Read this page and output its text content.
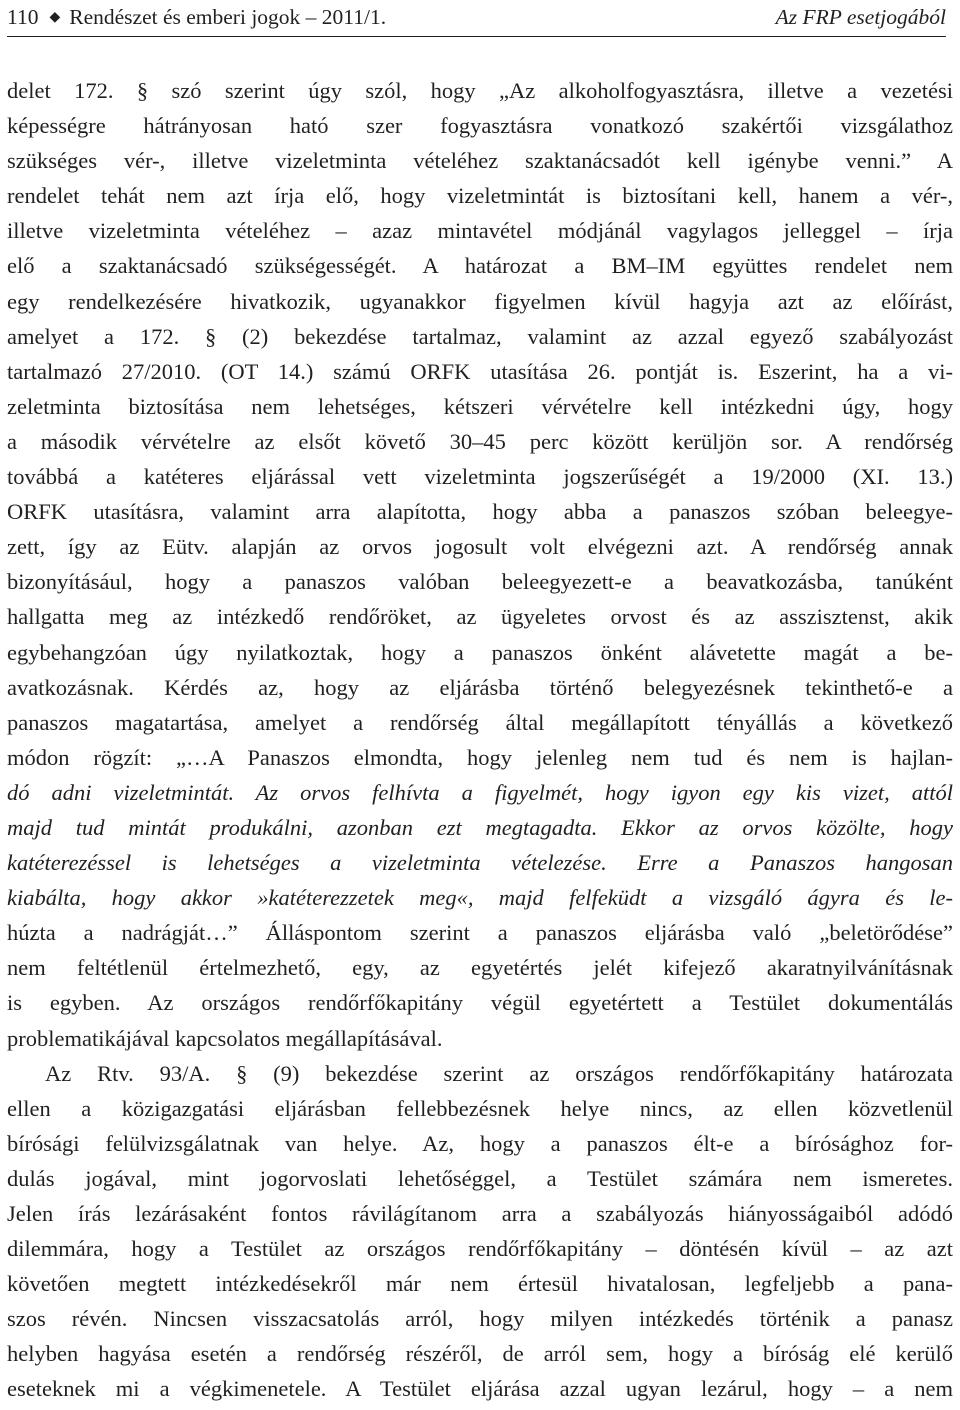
110 ◆ Rendészet és emberi jogok – 2011/1.	Az FRP esetjogából
delet 172. § szó szerint úgy szól, hogy „Az alkoholfogyasztásra, illetve a vezetési
képességre hátrányosan ható szer fogyasztásra vonatkozó szakértői vizsgálathoz
szükséges vér-, illetve vizeletminta vételéhez szaktanácsadót kell igénybe venni.” A
rendelet tehát nem azt írja elő, hogy vizeletmintát is biztosítani kell, hanem a vér-,
illetve vizeletminta vételéhez – azaz mintavétel módjánál vagylagos jelleggel – írja
elő a szaktanácsadó szükségességét. A határozat a BM–IM együttes rendelet nem
egy rendelkezésére hivatkozik, ugyanakkor figyelmen kívül hagyja azt az előírást,
amelyet a 172. § (2) bekezdése tartalmaz, valamint az azzal egyező szabályozást
tartalmazó 27/2010. (OT 14.) számú ORFK utasítása 26. pontját is. Eszerint, ha a vi-
zeletminta biztosítása nem lehetséges, kétszeri vérvételre kell intézkedni úgy, hogy
a második vérvételre az elsőt követő 30–45 perc között kerüljön sor. A rendőrség
továbbá a katéteres eljárással vett vizeletminta jogszerűségét a 19/2000 (XI. 13.)
ORFK utasításra, valamint arra alapította, hogy abba a panaszos szóban beleegye-
zett, így az Eütv. alapján az orvos jogosult volt elvégezni azt. A rendőrség annak
bizonyításául, hogy a panaszos valóban beleegyezett-e a beavatkozásba, tanúként
hallgatta meg az intézkedő rendőröket, az ügyeletes orvost és az asszisztenst, akik
egybehangzóan úgy nyilatkoztak, hogy a panaszos önként alávetette magát a be-
avatkozásnak. Kérdés az, hogy az eljárásba történő belegyezésnek tekinthető-e a
panaszos magatartása, amelyet a rendőrség által megállapított tényállás a következő
módon rögzít: „…A Panaszos elmondta, hogy jelenleg nem tud és nem is hajlan-
dó adni vizeletmintát. Az orvos felhívta a figyelmét, hogy igyon egy kis vizet, attól
majd tud mintát produkálni, azonban ezt megtagadta. Ekkor az orvos közölte, hogy
katéterezéssel is lehetséges a vizeletminta vételezése. Erre a Panaszos hangosan
kiabálta, hogy akkor »katéterezzetek meg«, majd felfeküdt a vizsgáló ágyra és le-
húzta a nadrágját…” Álláspontom szerint a panaszos eljárásba való „beletörődése”
nem feltétlenül értelmezhető, egy, az egyetértés jelét kifejező akaratnyilvánításnak
is egyben. Az országos rendőrfőkapitány végül egyetértett a Testület dokumentálás
problematikájával kapcsolatos megállapításával.
Az Rtv. 93/A. § (9) bekezdése szerint az országos rendőrfőkapitány határozata
ellen a közigazgatási eljárásban fellebbezésnek helye nincs, az ellen közvetlenül
bírósági felülvizsgálatnak van helye. Az, hogy a panaszos élt-e a bírósághoz for-
dulás jogával, mint jogorvoslati lehetőséggel, a Testület számára nem ismeretes.
Jelen írás lezárásaként fontos rávilágítanom arra a szabályozás hiányosságaiból adódó
dilemmára, hogy a Testület az országos rendőrfőkapitány – döntésén kívül – az azt
követően megtett intézkedésekről már nem értesül hivatalosan, legfeljebb a pana-
szos révén. Nincsen visszacsatolás arról, hogy milyen intézkedés történik a panasz
helyben hagyása esetén a rendőrség részéről, de arról sem, hogy a bíróság elé kerülő
eseteknek mi a végkimenetele. A Testület eljárása azzal ugyan lezárul, hogy – a nem
